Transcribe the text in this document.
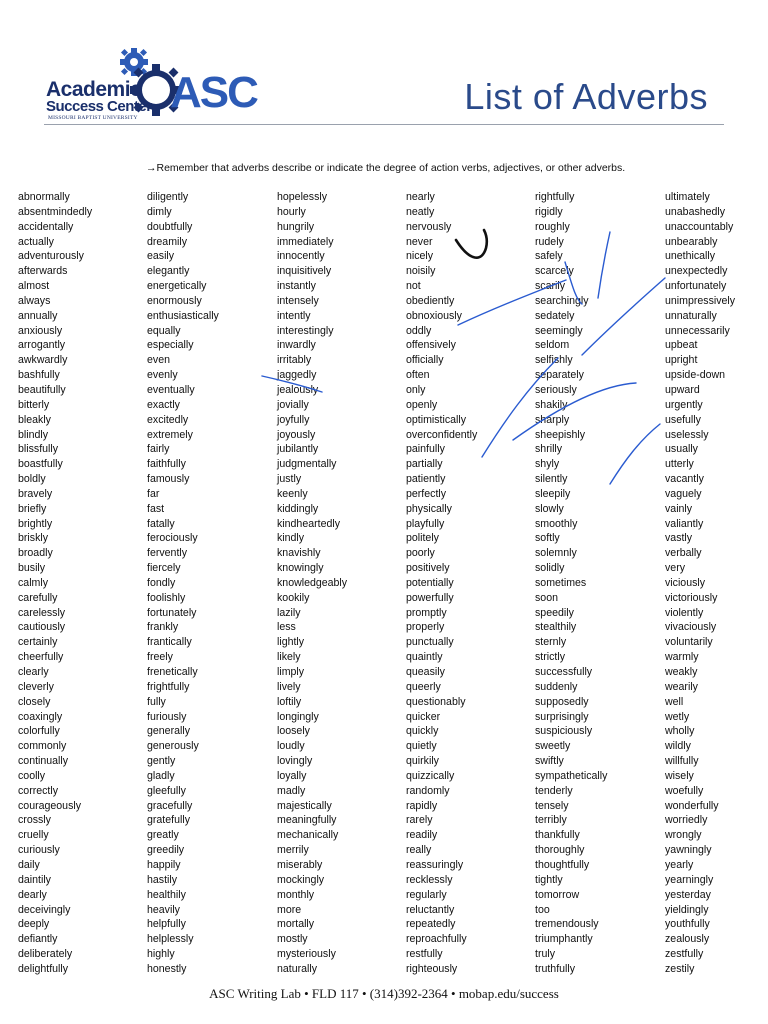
Academic
Success Center
MISSOURI BAPTIST UNIVERSITY
ASC	List of Adverbs
→Remember that adverbs describe or indicate the degree of action verbs, adjectives, or other adverbs.
abnormally
absentmindedly
accidentally
actually
adventurously
afterwards
almost
always
annually
anxiously
arrogantly
awkwardly
bashfully
beautifully
bitterly
bleakly
blindly
blissfully
boastfully
boldly
bravely
briefly
brightly
briskly
broadly
busily
calmly
carefully
carelessly
cautiously
certainly
cheerfully
clearly
cleverly
closely
coaxingly
colorfully
commonly
continually
coolly
correctly
courageously
crossly
cruelly
curiously
daily
daintily
dearly
deceivingly
deeply
defiantly
deliberately
delightfully
diligently
dimly
doubtfully
dreamily
easily
elegantly
energetically
enormously
enthusiastically
equally
especially
even
evenly
eventually
exactly
excitedly
extremely
fairly
faithfully
famously
far
fast
fatally
ferociously
fervently
fiercely
fondly
foolishly
fortunately
frankly
frantically
freely
frenetically
frightfully
fully
furiously
generally
generously
gently
gladly
gleefully
gracefully
gratefully
greatly
greedily
happily
hastily
healthily
heavily
helpfully
helplessly
highly
honestly
hopelessly
hourly
hungrily
immediately
innocently
inquisitively
instantly
intensely
intently
interestingly
inwardly
irritably
jaggedly
jealously
jovially
joyfully
joyously
jubilantly
judgmentally
justly
keenly
kiddingly
kindheartedly
kindly
knavishly
knowingly
knowledgeably
kookily
lazily
less
lightly
likely
limply
lively
loftily
longingly
loosely
loudly
lovingly
loyally
madly
majestically
meaningfully
mechanically
merrily
miserably
mockingly
monthly
more
mortally
mostly
mysteriously
naturally
nearly
neatly
nervously
never
nicely
noisily
not
obediently
obnoxiously
oddly
offensively
officially
often
only
openly
optimistically
overconfidently
painfully
partially
patiently
perfectly
physically
playfully
politely
poorly
positively
potentially
powerfully
promptly
properly
punctually
quaintly
queasily
queerly
questionably
quicker
quickly
quietly
quirkily
quizzically
randomly
rapidly
rarely
readily
really
reassuringly
recklessly
regularly
reluctantly
repeatedly
reproachfully
restfully
righteously
rightfully
rigidly
roughly
rudely
safely
scarcely
scarily
searchingly
sedately
seemingly
seldom
selfishly
separately
seriously
shakily
sharply
sheepishly
shrilly
shyly
silently
sleepily
slowly
smoothly
softly
solemnly
solidly
sometimes
soon
speedily
stealthily
sternly
strictly
successfully
suddenly
supposedly
surprisingly
suspiciously
sweetly
swiftly
sympathetically
tenderly
tensely
terribly
thankfully
thoroughly
thoughtfully
tightly
tomorrow
too
tremendously
triumphantly
truly
truthfully
ultimately
unabashedly
unaccountably
unbearably
unethically
unexpectedly
unfortunately
unimpressively
unnaturally
unnecessarily
upbeat
upright
upside-down
upward
urgently
usefully
uselessly
usually
utterly
vacantly
vaguely
vainly
valiantly
vastly
verbally
very
viciously
victoriously
violently
vivaciously
voluntarily
warmly
weakly
wearily
well
wetly
wholly
wildly
willfully
wisely
woefully
wonderfully
worriedly
wrongly
yawningly
yearly
yearningly
yesterday
yieldingly
youthfully
zealously
zestfully
zestily
ASC Writing Lab • FLD 117 • (314)392-2364 • mobap.edu/success
